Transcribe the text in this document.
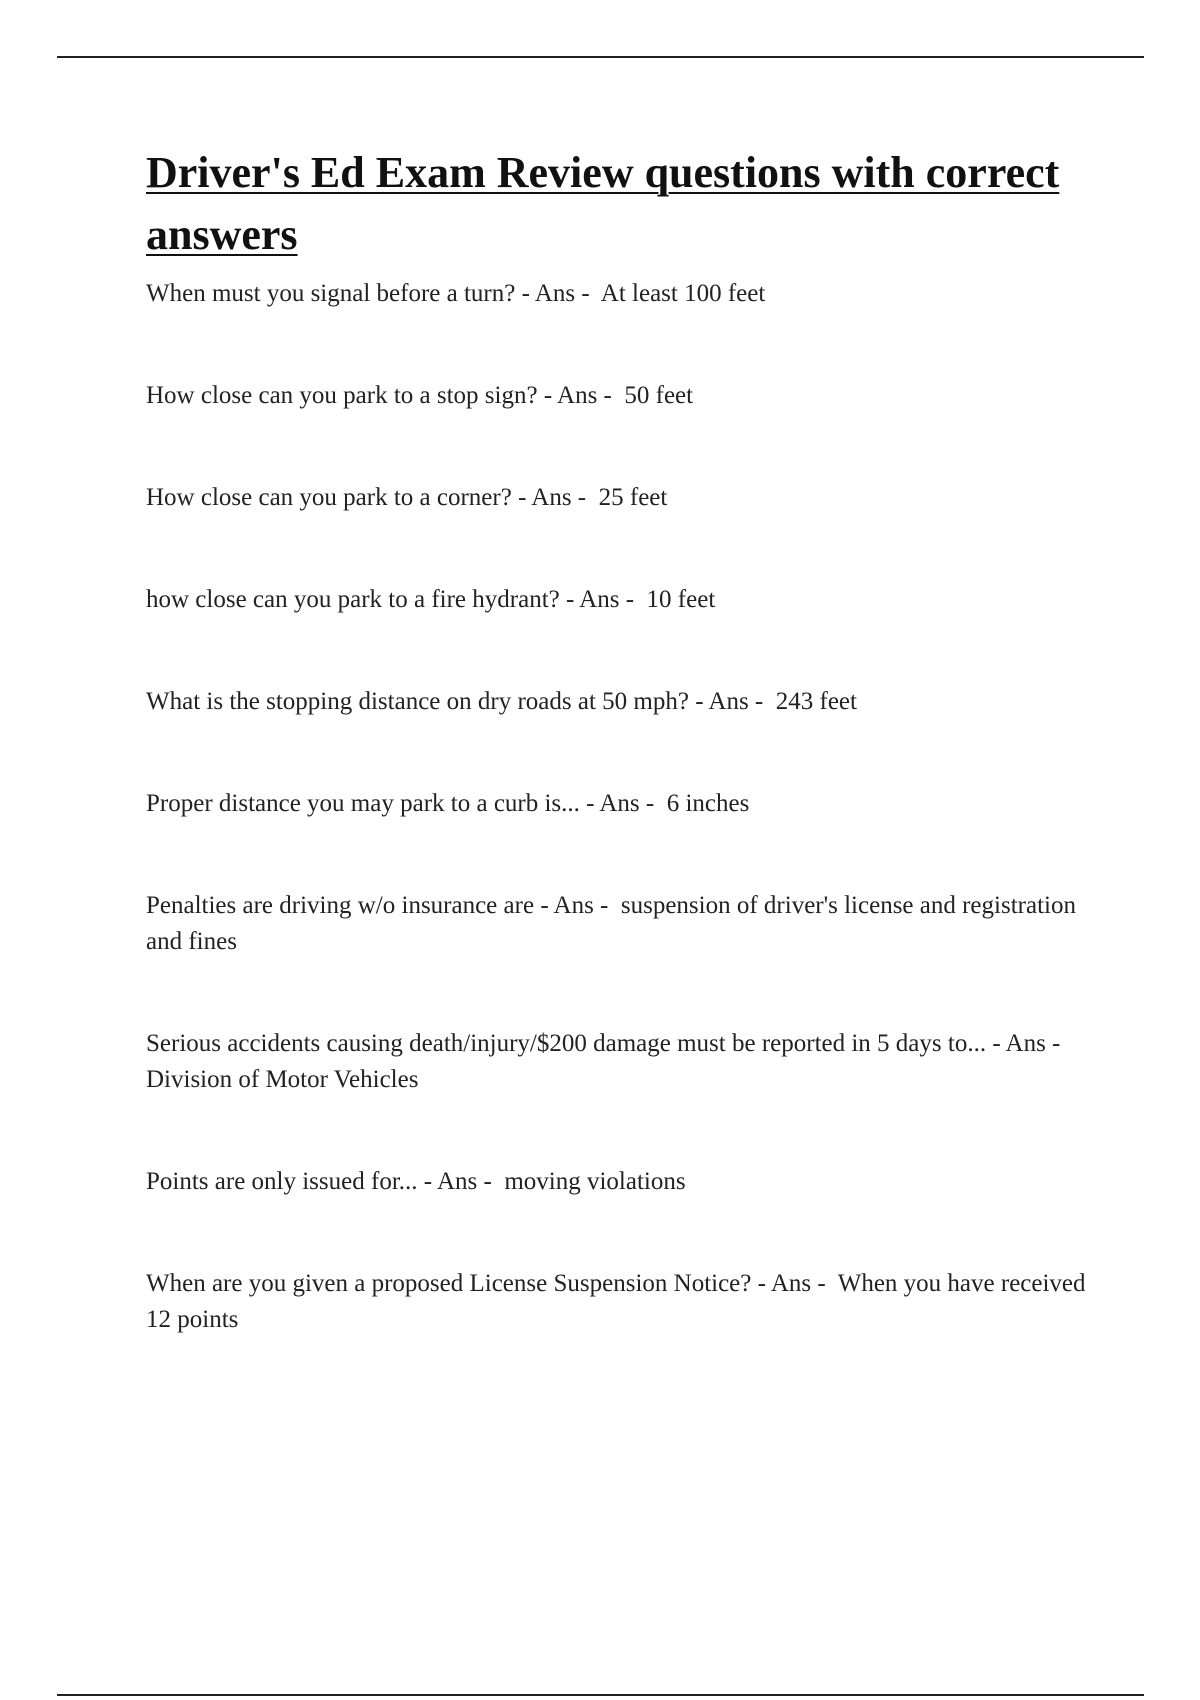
Driver's Ed Exam Review questions with correct answers
When must you signal before a turn? - Ans -  At least 100 feet
How close can you park to a stop sign? - Ans -  50 feet
How close can you park to a corner? - Ans -  25 feet
how close can you park to a fire hydrant? - Ans -  10 feet
What is the stopping distance on dry roads at 50 mph? - Ans -  243 feet
Proper distance you may park to a curb is... - Ans -  6 inches
Penalties are driving w/o insurance are - Ans -  suspension of driver's license and registration and fines
Serious accidents causing death/injury/$200 damage must be reported in 5 days to... - Ans -  Division of Motor Vehicles
Points are only issued for... - Ans -  moving violations
When are you given a proposed License Suspension Notice? - Ans -  When you have received 12 points
